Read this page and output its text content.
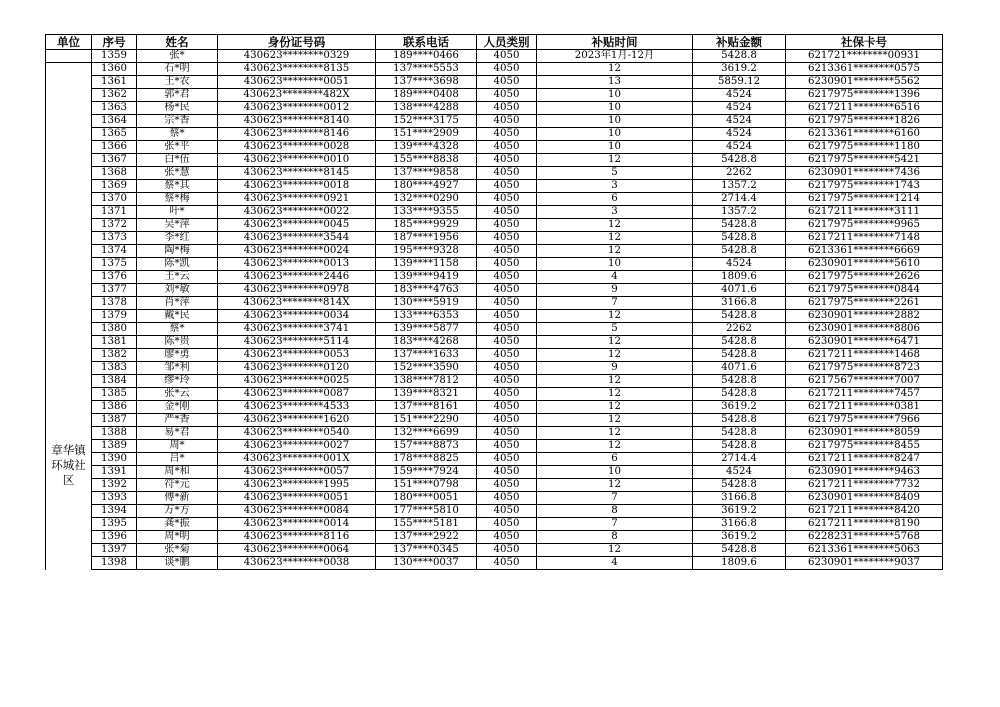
单位	序号	姓名	身份证号码	联系电话	人员类别	补贴时间	补贴金额	社保卡号
	1359	张*	430623********0329	189****0466	4050	2023年1月-12月	5428.8	621721********00931
章华镇环城社区	1360	石*明	430623********8135	137****5553	4050	12	3619.2	6213361********0575
	1361	王*农	430623********0051	137****3698	4050	13	5859.12	6230901********5562
	1362	郭*君	430623********482X	189****0408	4050	10	4524	6217975********1396
	1363	杨*民	430623********0012	138****4288	4050	10	4524	6217211********6516
	1364	宗*香	430623********8140	152****3175	4050	10	4524	6217975********1826
	1365	蔡*	430623********8146	151****2909	4050	10	4524	6213361********6160
	1366	张*平	430623********0028	139****4328	4050	10	4524	6217975********1180
	1367	白*伍	430623********0010	155****8838	4050	12	5428.8	6217975********5421
	1368	张*慧	430623********8145	137****9858	4050	5	2262	6230901********7436
	1369	蔡*其	430623********0018	180****4927	4050	3	1357.2	6217975********1743
	1370	蔡*梅	430623********0921	132****0290	4050	6	2714.4	6217975********1214
	1371	叶*	430623********0022	133****9355	4050	3	1357.2	6217211********3111
	1372	吴*萍	430623********0045	185****9929	4050	12	5428.8	6217975********9965
	1373	李*红	430623********3544	187****1956	4050	12	5428.8	6217211********7148
	1374	陶*梅	430623********0024	195****9328	4050	12	5428.8	6213361********6669
	1375	陈*凯	430623********0013	139****1158	4050	10	4524	6230901********5610
	1376	王*云	430623********2446	139****9419	4050	4	1809.6	6217975********2626
	1377	刘*敏	430623********0978	183****4763	4050	9	4071.6	6217975********0844
	1378	肖*萍	430623********814X	130****5919	4050	7	3166.8	6217975********2261
	1379	戴*民	430623********0034	133****6353	4050	12	5428.8	6230901********2882
	1380	蔡*	430623********3741	139****5877	4050	5	2262	6230901********8806
	1381	陈*贵	430623********5114	183****4268	4050	12	5428.8	6230901********6471
	1382	廖*勇	430623********0053	137****1633	4050	12	5428.8	6217211********1468
	1383	邹*利	430623********0120	152****3590	4050	9	4071.6	6217975********8723
	1384	缪*玲	430623********0025	138****7812	4050	12	5428.8	6217567********7007
	1385	张*云	430623********0087	139****8321	4050	12	5428.8	6217211********7457
	1386	金*刚	430623********4533	137****8161	4050	12	3619.2	6217211********0381
	1387	严*香	430623********1620	151****2290	4050	12	5428.8	6217975********7966
	1388	易*君	430623********0540	132****6699	4050	12	5428.8	6230901********8059
	1389	周*	430623********0027	157****8873	4050	12	5428.8	6217975********8455
	1390	吕*	430623********001X	178****8825	4050	6	2714.4	6217211********8247
	1391	周*和	430623********0057	159****7924	4050	10	4524	6230901********9463
	1392	符*元	430623********1995	151****0798	4050	12	5428.8	6217211********7732
	1393	傅*新	430623********0051	180****0051	4050	7	3166.8	6230901********8409
	1394	万*方	430623********0084	177****5810	4050	8	3619.2	6217211********8420
	1395	龚*振	430623********0014	155****5181	4050	7	3166.8	6217211********8190
	1396	周*明	430623********8116	137****2922	4050	8	3619.2	6228231********5768
	1397	张*菊	430623********0064	137****0345	4050	12	5428.8	6213361********5063
	1398	谈*鹏	430623********0038	130****0037	4050	4	1809.6	6230901********9037
